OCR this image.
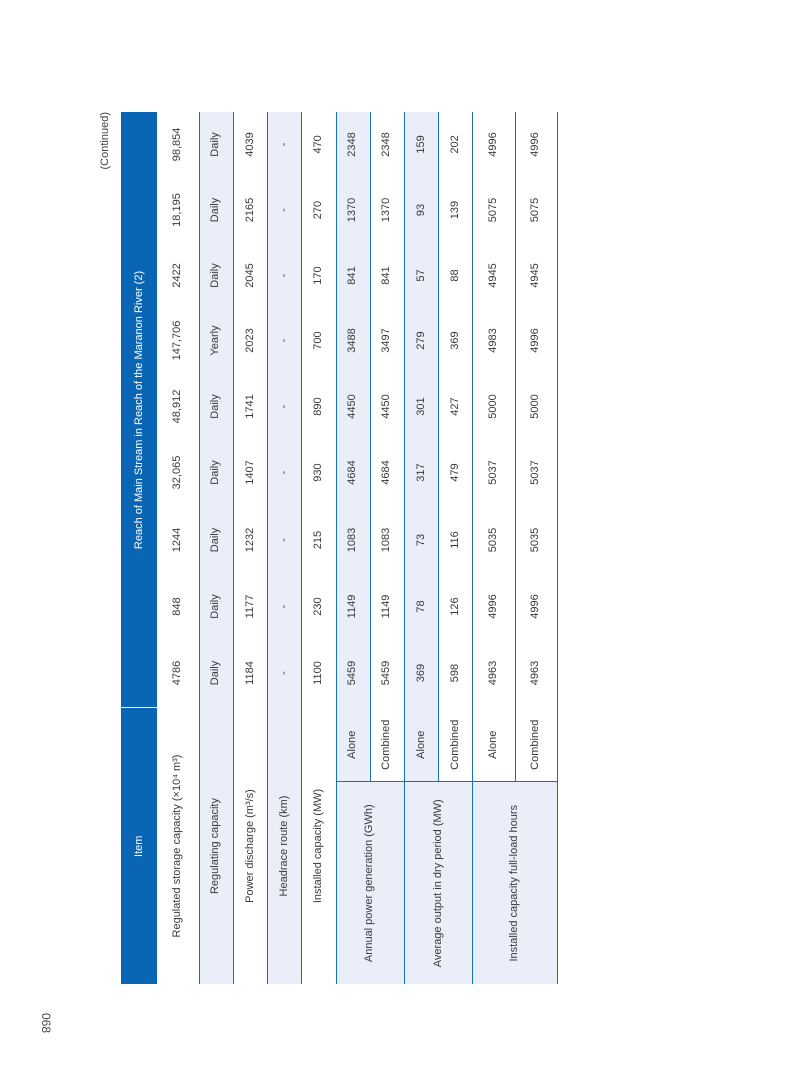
068
(Continued)
Item		Reach of Main Stream in Reach of the Maranon River (2)								
Regulated storage capacity (×10⁴ m³)		4786	848	1244	32,065	48,912	147,706	2422	18,195	98,854
Regulating capacity		Daily	Daily	Daily	Daily	Daily	Yearly	Daily	Daily	Daily
Power discharge (m³/s)		1184	1177	1232	1407	1741	2023	2045	2165	4039
Headrace route (km)		-	-	-	-	-	-	-	-	-
Installed capacity (MW)		1100	230	215	930	890	700	170	270	470
Annual power generation (GWh)	Alone	5459	1149	1083	4684	4450	3488	841	1370	2348
	Combined	5459	1149	1083	4684	4450	3497	841	1370	2348
Average output in dry period (MW)	Alone	369	78	73	317	301	279	57	93	159
	Combined	598	126	116	479	427	369	88	139	202
Installed capacity full-load hours	Alone	4963	4996	5035	5037	5000	4983	4945	5075	4996
	Combined	4963	4996	5035	5037	5000	4996	4945	5075	4996
